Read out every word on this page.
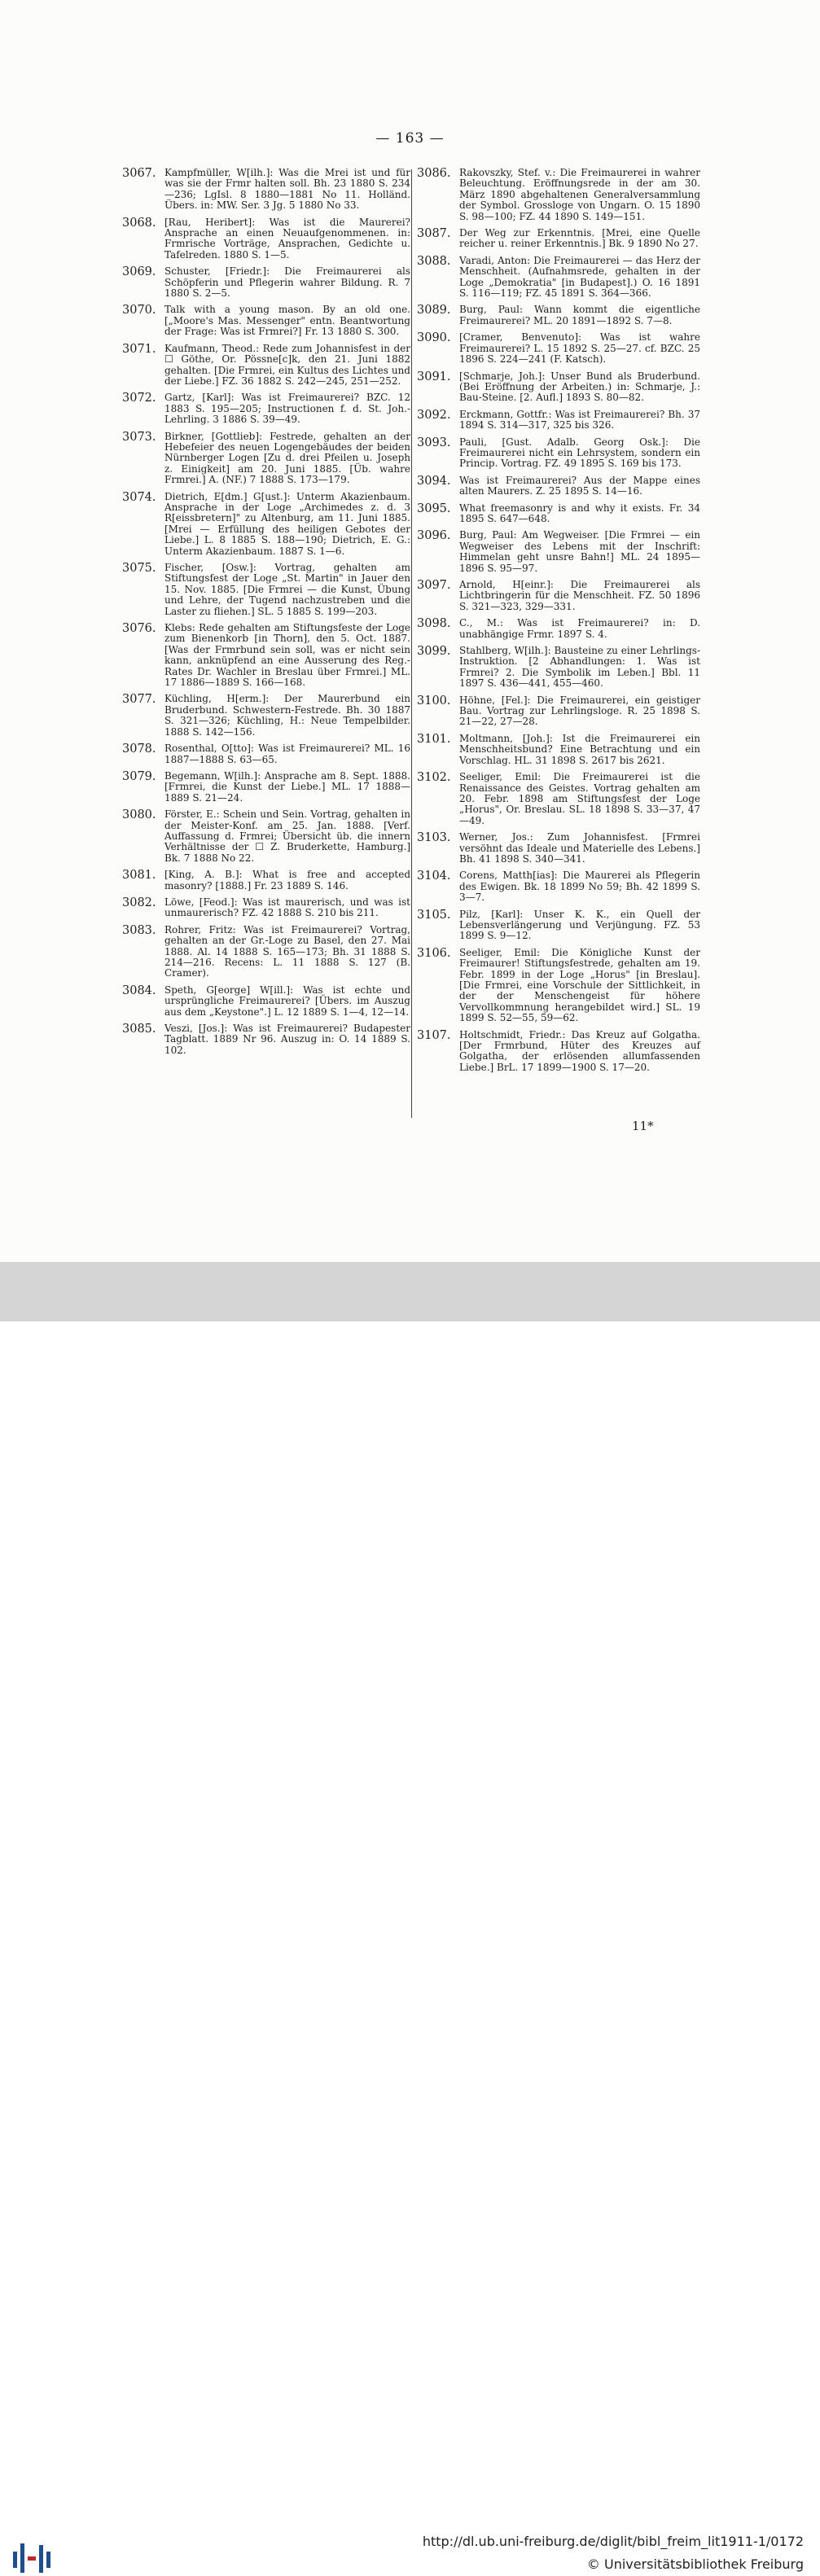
— 163 —
3067. Kampfmüller, W[ilh.]: Was die Mrei ist und für was sie der Frmr halten soll. Bh. 23 1880 S. 234—236; LgIsl. 8 1880—1881 No 11. Holländ. Übers. in: MW. Ser. 3 Jg. 5 1880 No 33.
3068. [Rau, Heribert]: Was ist die Maurerei? Ansprache an einen Neuaufgenommenen. in: Frmrische Vorträge, Ansprachen, Gedichte u. Tafelreden. 1880 S. 1—5.
3069. Schuster, [Friedr.]: Die Freimaurerei als Schöpferin und Pflegerin wahrer Bildung. R. 7 1880 S. 2—5.
3070. Talk with a young mason. By an old one. [„Moore's Mas. Messenger" entn. Beantwortung der Frage: Was ist Frmrei?] Fr. 13 1880 S. 300.
3071. Kaufmann, Theod.: Rede zum Johannisfest in der ☐ Göthe, Or. Pössne[c]k, den 21. Juni 1882 gehalten. [Die Frmrei, ein Kultus des Lichtes und der Liebe.] FZ. 36 1882 S. 242—245, 251—252.
3072. Gartz, [Karl]: Was ist Freimaurerei? BZC. 12 1883 S. 195—205; Instructionen f. d. St. Joh.-Lehrling. 3 1886 S. 39—49.
3073. Birkner, [Gottlieb]: Festrede, gehalten an der Hebefeier des neuen Logengebäudes der beiden Nürnberger Logen [Zu d. drei Pfeilen u. Joseph z. Einigkeit] am 20. Juni 1885. [Üb. wahre Frmrei.] A. (NF.) 7 1888 S. 173—179.
3074. Dietrich, E[dm.] G[ust.]: Unterm Akazienbaum. Ansprache in der Loge „Archimedes z. d. 3 R[eissbretern]" zu Altenburg, am 11. Juni 1885. [Mrei — Erfüllung des heiligen Gebotes der Liebe.] L. 8 1885 S. 188—190; Dietrich, E. G.: Unterm Akazienbaum. 1887 S. 1—6.
3075. Fischer, [Osw.]: Vortrag, gehalten am Stiftungsfest der Loge „St. Martin" in Jauer den 15. Nov. 1885. [Die Frmrei — die Kunst, Übung und Lehre, der Tugend nachzustreben und die Laster zu fliehen.] SL. 5 1885 S. 199—203.
3076. Klebs: Rede gehalten am Stiftungsfeste der Loge zum Bienenkorb [in Thorn], den 5. Oct. 1887. [Was der Frmrbund sein soll, was er nicht sein kann, anknüpfend an eine Ausserung des Reg.-Rates Dr. Wachler in Breslau über Frmrei.] ML. 17 1886—1889 S. 166—168.
3077. Küchling, H[erm.]: Der Maurerbund ein Bruderbund. Schwestern-Festrede. Bh. 30 1887 S. 321—326; Küchling, H.: Neue Tempelbilder. 1888 S. 142—156.
3078. Rosenthal, O[tto]: Was ist Freimaurerei? ML. 16 1887—1888 S. 63—65.
3079. Begemann, W[ilh.]: Ansprache am 8. Sept. 1888. [Frmrei, die Kunst der Liebe.] ML. 17 1888—1889 S. 21—24.
3080. Förster, E.: Schein und Sein. Vortrag, gehalten in der Meister-Konf. am 25. Jan. 1888. [Verf. Auffassung d. Frmrei; Übersicht üb. die innern Verhältnisse der ☐ Z. Bruderkette, Hamburg.] Bk. 7 1888 No 22.
3081. [King, A. B.]: What is free and accepted masonry? [1888.] Fr. 23 1889 S. 146.
3082. Löwe, [Feod.]: Was ist maurerisch, und was ist unmaurerisch? FZ. 42 1888 S. 210 bis 211.
3083. Rohrer, Fritz: Was ist Freimaurerei? Vortrag, gehalten an der Gr.-Loge zu Basel, den 27. Mai 1888. Al. 14 1888 S. 165—173; Bh. 31 1888 S. 214—216. Recens: L. 11 1888 S. 127 (B. Cramer).
3084. Speth, G[eorge] W[ill.]: Was ist echte und ursprüngliche Freimaurerei? [Übers. im Auszug aus dem „Keystone".] L. 12 1889 S. 1—4, 12—14.
3085. Veszi, [Jos.]: Was ist Freimaurerei? Budapester Tagblatt. 1889 Nr 96. Auszug in: O. 14 1889 S. 102.
3086. Rakovszky, Stef. v.: Die Freimaurerei in wahrer Beleuchtung. Eröffnungsrede in der am 30. März 1890 abgehaltenen Generalversammlung der Symbol. Grossloge von Ungarn. O. 15 1890 S. 98—100; FZ. 44 1890 S. 149—151.
3087. Der Weg zur Erkenntnis. [Mrei, eine Quelle reicher u. reiner Erkenntnis.] Bk. 9 1890 No 27.
3088. Varadi, Anton: Die Freimaurerei — das Herz der Menschheit. (Aufnahmsrede, gehalten in der Loge „Demokratia" [in Budapest].) O. 16 1891 S. 116—119; FZ. 45 1891 S. 364—366.
3089. Burg, Paul: Wann kommt die eigentliche Freimaurerei? ML. 20 1891—1892 S. 7—8.
3090. [Cramer, Benvenuto]: Was ist wahre Freimaurerei? L. 15 1892 S. 25—27. cf. BZC. 25 1896 S. 224—241 (F. Katsch).
3091. [Schmarje, Joh.]: Unser Bund als Bruderbund. (Bei Eröffnung der Arbeiten.) in: Schmarje, J.: Bau-Steine. [2. Aufl.] 1893 S. 80—82.
3092. Erckmann, Gottfr.: Was ist Freimaurerei? Bh. 37 1894 S. 314—317, 325 bis 326.
3093. Pauli, [Gust. Adalb. Georg Osk.]: Die Freimaurerei nicht ein Lehrsystem, sondern ein Princip. Vortrag. FZ. 49 1895 S. 169 bis 173.
3094. Was ist Freimaurerei? Aus der Mappe eines alten Maurers. Z. 25 1895 S. 14—16.
3095. What freemasonry is and why it exists. Fr. 34 1895 S. 647—648.
3096. Burg, Paul: Am Wegweiser. [Die Frmrei — ein Wegweiser des Lebens mit der Inschrift: Himmelan geht unsre Bahn!] ML. 24 1895—1896 S. 95—97.
3097. Arnold, H[einr.]: Die Freimaurerei als Lichtbringerin für die Menschheit. FZ. 50 1896 S. 321—323, 329—331.
3098. C., M.: Was ist Freimaurerei? in: D. unabhängige Frmr. 1897 S. 4.
3099. Stahlberg, W[ilh.]: Bausteine zu einer Lehrlings-Instruktion. [2 Abhandlungen: 1. Was ist Frmrei? 2. Die Symbolik im Leben.] Bbl. 11 1897 S. 436—441, 455—460.
3100. Höhne, [Fel.]: Die Freimaurerei, ein geistiger Bau. Vortrag zur Lehrlingsloge. R. 25 1898 S. 21—22, 27—28.
3101. Moltmann, [Joh.]: Ist die Freimaurerei ein Menschheitsbund? Eine Betrachtung und ein Vorschlag. HL. 31 1898 S. 2617 bis 2621.
3102. Seeliger, Emil: Die Freimaurerei ist die Renaissance des Geistes. Vortrag gehalten am 20. Febr. 1898 am Stiftungsfest der Loge „Horus", Or. Breslau. SL. 18 1898 S. 33—37, 47—49.
3103. Werner, Jos.: Zum Johannisfest. [Frmrei versöhnt das Ideale und Materielle des Lebens.] Bh. 41 1898 S. 340—341.
3104. Corens, Matth[ias]: Die Maurerei als Pflegerin des Ewigen. Bk. 18 1899 No 59; Bh. 42 1899 S. 3—7.
3105. Pilz, [Karl]: Unser K. K., ein Quell der Lebensverlängerung und Verjüngung. FZ. 53 1899 S. 9—12.
3106. Seeliger, Emil: Die Königliche Kunst der Freimaurer! Stiftungsfestrede, gehalten am 19. Febr. 1899 in der Loge „Horus" [in Breslau]. [Die Frmrei, eine Vorschule der Sittlichkeit, in der der Menschengeist für höhere Vervollkommnung herangebildet wird.] SL. 19 1899 S. 52—55, 59—62.
3107. Holtschmidt, Friedr.: Das Kreuz auf Golgatha. [Der Frmrbund, Hüter des Kreuzes auf Golgatha, der erlösenden allumfassenden Liebe.] BrL. 17 1899—1900 S. 17—20.
11*
http://dl.ub.uni-freiburg.de/diglit/bibl_freim_lit1911-1/0172
© Universitätsbibliothek Freiburg
